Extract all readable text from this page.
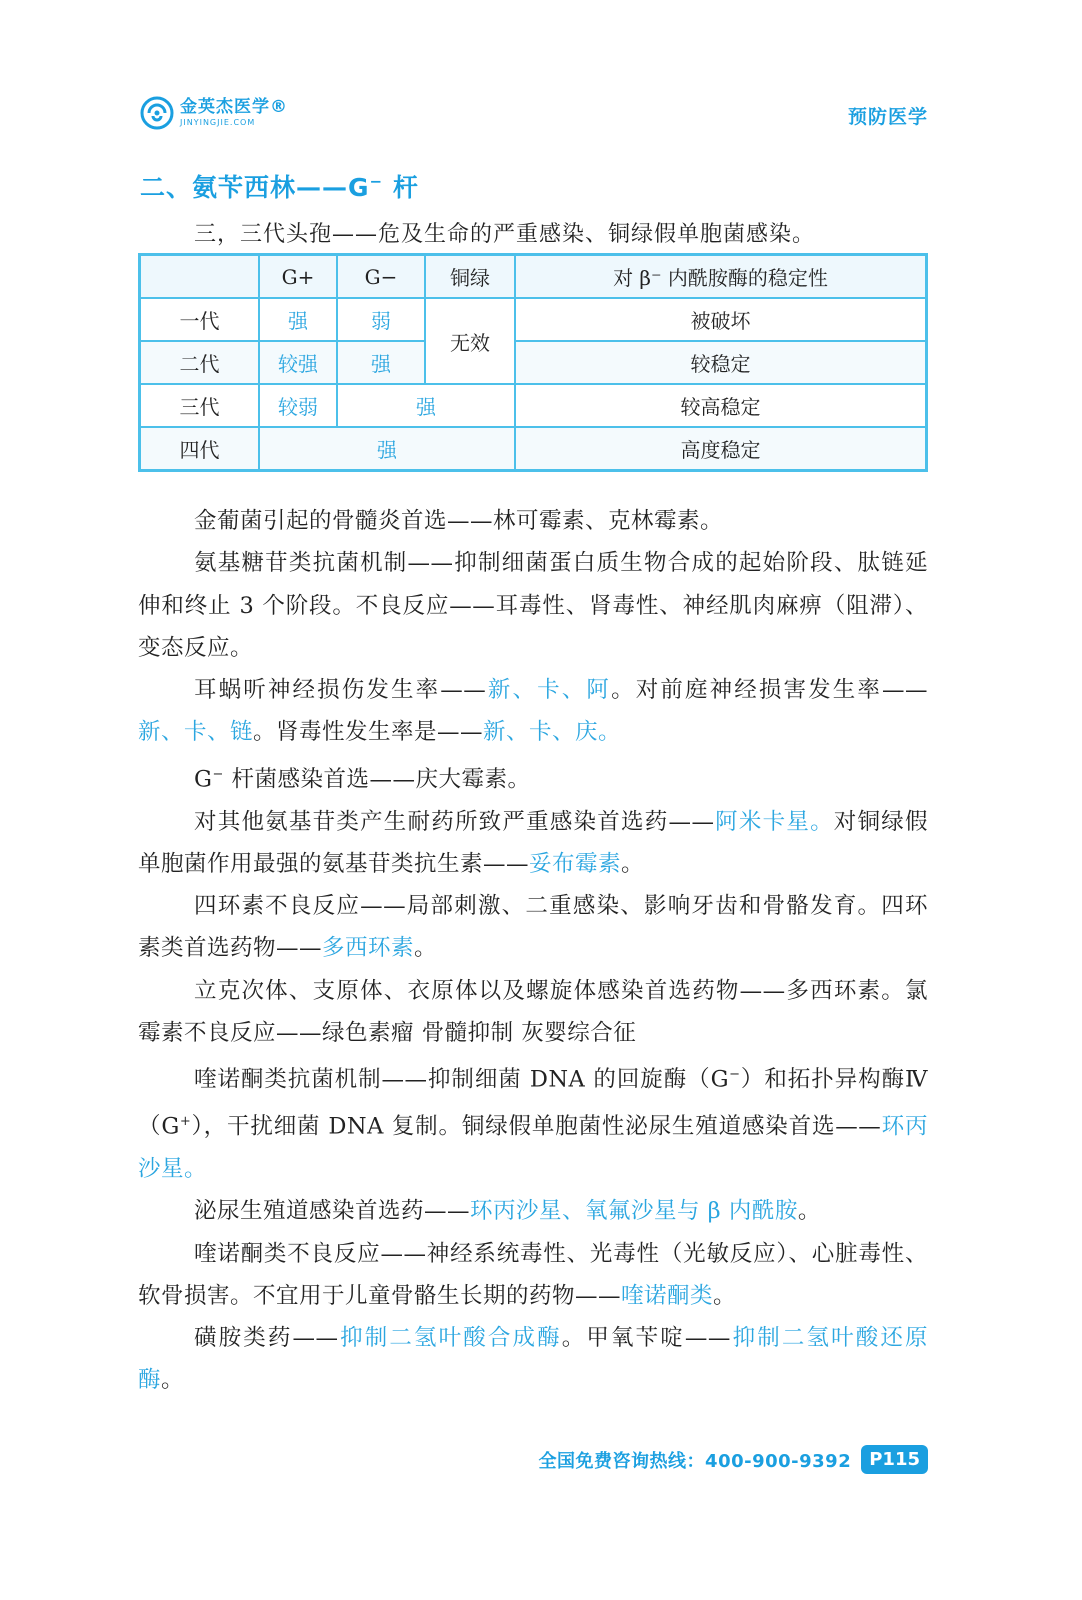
金英杰医学®
JINYINGJIE.COM	预防医学
二、氨苄西林——G− 杆
三，三代头孢——危及生命的严重感染、铜绿假单胞菌感染。
	G+	G−	铜绿	对 β⁻ 内酰胺酶的稳定性
一代	强	弱	无效	被破坏
二代	较强	强		较稳定
三代	较弱	强		较高稳定
四代	强			高度稳定

金葡菌引起的骨髓炎首选——林可霉素、克林霉素。

氨基糖苷类抗菌机制——抑制细菌蛋白质生物合成的起始阶段、肽链延伸和终止 3 个阶段。不良反应——耳毒性、肾毒性、神经肌肉麻痹（阻滞）、变态反应。

耳蜗听神经损伤发生率——新、卡、阿。对前庭神经损害发生率——新、卡、链。肾毒性发生率是——新、卡、庆。

G− 杆菌感染首选——庆大霉素。

对其他氨基苷类产生耐药所致严重感染首选药——阿米卡星。对铜绿假单胞菌作用最强的氨基苷类抗生素——妥布霉素。

四环素不良反应——局部刺激、二重感染、影响牙齿和骨骼发育。四环素类首选药物——多西环素。

立克次体、支原体、衣原体以及螺旋体感染首选药物——多西环素。氯霉素不良反应——绿色素瘤 骨髓抑制 灰婴综合征

喹诺酮类抗菌机制——抑制细菌 DNA 的回旋酶（G−）和拓扑异构酶Ⅳ（G+），干扰细菌 DNA 复制。铜绿假单胞菌性泌尿生殖道感染首选——环丙沙星。

泌尿生殖道感染首选药——环丙沙星、氧氟沙星与 β 内酰胺。

喹诺酮类不良反应——神经系统毒性、光毒性（光敏反应）、心脏毒性、软骨损害。不宜用于儿童骨骼生长期的药物——喹诺酮类。

磺胺类药——抑制二氢叶酸合成酶。甲氧苄啶——抑制二氢叶酸还原酶。

全国免费咨询热线：400-900-9392	P115
